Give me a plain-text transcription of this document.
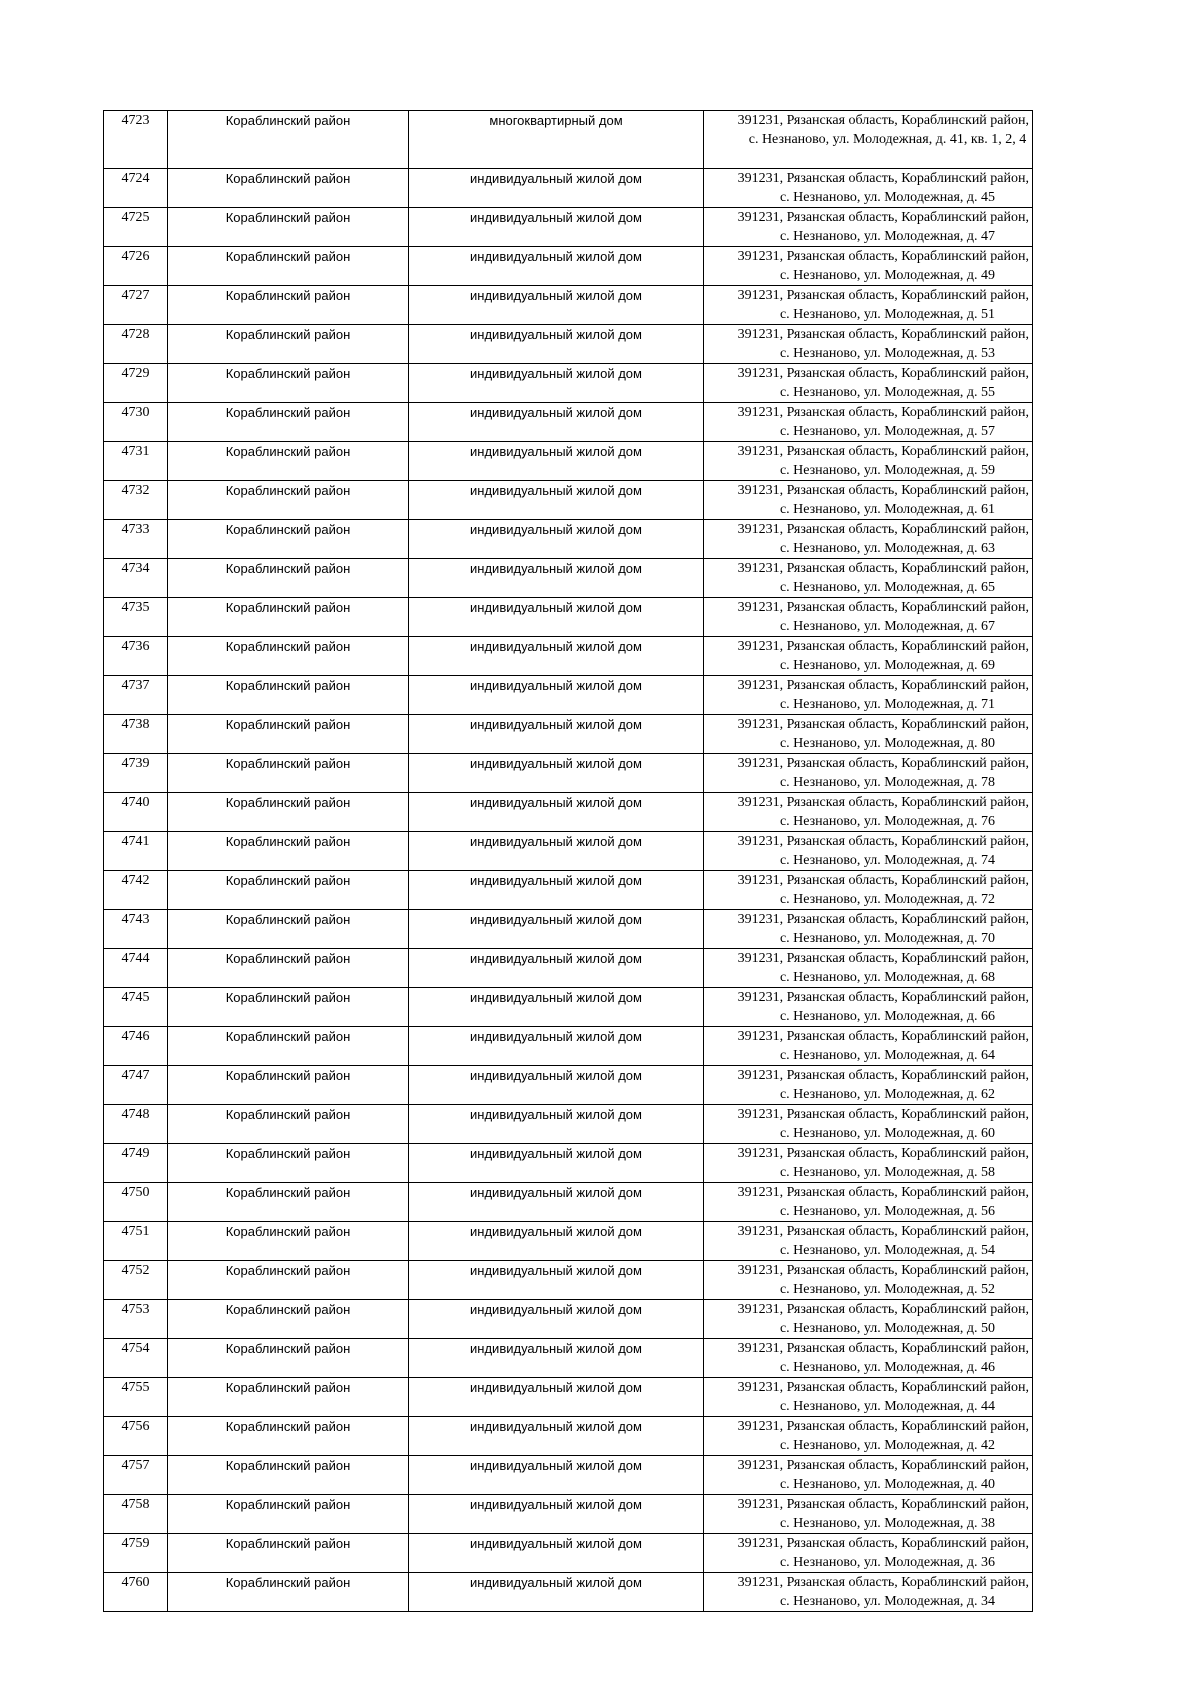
4723	Кораблинский район	многоквартирный дом	391231, Рязанская область, Кораблинский район,
с. Незнаново, ул. Молодежная, д. 41, кв. 1, 2, 4

4724	Кораблинский район	индивидуальный жилой дом	391231, Рязанская область, Кораблинский район,
с. Незнаново, ул. Молодежная, д. 45

4725	Кораблинский район	индивидуальный жилой дом	391231, Рязанская область, Кораблинский район,
с. Незнаново, ул. Молодежная, д. 47

4726	Кораблинский район	индивидуальный жилой дом	391231, Рязанская область, Кораблинский район,
с. Незнаново, ул. Молодежная, д. 49

4727	Кораблинский район	индивидуальный жилой дом	391231, Рязанская область, Кораблинский район,
с. Незнаново, ул. Молодежная, д. 51

4728	Кораблинский район	индивидуальный жилой дом	391231, Рязанская область, Кораблинский район,
с. Незнаново, ул. Молодежная, д. 53

4729	Кораблинский район	индивидуальный жилой дом	391231, Рязанская область, Кораблинский район,
с. Незнаново, ул. Молодежная, д. 55

4730	Кораблинский район	индивидуальный жилой дом	391231, Рязанская область, Кораблинский район,
с. Незнаново, ул. Молодежная, д. 57

4731	Кораблинский район	индивидуальный жилой дом	391231, Рязанская область, Кораблинский район,
с. Незнаново, ул. Молодежная, д. 59

4732	Кораблинский район	индивидуальный жилой дом	391231, Рязанская область, Кораблинский район,
с. Незнаново, ул. Молодежная, д. 61

4733	Кораблинский район	индивидуальный жилой дом	391231, Рязанская область, Кораблинский район,
с. Незнаново, ул. Молодежная, д. 63

4734	Кораблинский район	индивидуальный жилой дом	391231, Рязанская область, Кораблинский район,
с. Незнаново, ул. Молодежная, д. 65

4735	Кораблинский район	индивидуальный жилой дом	391231, Рязанская область, Кораблинский район,
с. Незнаново, ул. Молодежная, д. 67

4736	Кораблинский район	индивидуальный жилой дом	391231, Рязанская область, Кораблинский район,
с. Незнаново, ул. Молодежная, д. 69

4737	Кораблинский район	индивидуальный жилой дом	391231, Рязанская область, Кораблинский район,
с. Незнаново, ул. Молодежная, д. 71

4738	Кораблинский район	индивидуальный жилой дом	391231, Рязанская область, Кораблинский район,
с. Незнаново, ул. Молодежная, д. 80

4739	Кораблинский район	индивидуальный жилой дом	391231, Рязанская область, Кораблинский район,
с. Незнаново, ул. Молодежная, д. 78

4740	Кораблинский район	индивидуальный жилой дом	391231, Рязанская область, Кораблинский район,
с. Незнаново, ул. Молодежная, д. 76

4741	Кораблинский район	индивидуальный жилой дом	391231, Рязанская область, Кораблинский район,
с. Незнаново, ул. Молодежная, д. 74

4742	Кораблинский район	индивидуальный жилой дом	391231, Рязанская область, Кораблинский район,
с. Незнаново, ул. Молодежная, д. 72

4743	Кораблинский район	индивидуальный жилой дом	391231, Рязанская область, Кораблинский район,
с. Незнаново, ул. Молодежная, д. 70

4744	Кораблинский район	индивидуальный жилой дом	391231, Рязанская область, Кораблинский район,
с. Незнаново, ул. Молодежная, д. 68

4745	Кораблинский район	индивидуальный жилой дом	391231, Рязанская область, Кораблинский район,
с. Незнаново, ул. Молодежная, д. 66

4746	Кораблинский район	индивидуальный жилой дом	391231, Рязанская область, Кораблинский район,
с. Незнаново, ул. Молодежная, д. 64

4747	Кораблинский район	индивидуальный жилой дом	391231, Рязанская область, Кораблинский район,
с. Незнаново, ул. Молодежная, д. 62

4748	Кораблинский район	индивидуальный жилой дом	391231, Рязанская область, Кораблинский район,
с. Незнаново, ул. Молодежная, д. 60

4749	Кораблинский район	индивидуальный жилой дом	391231, Рязанская область, Кораблинский район,
с. Незнаново, ул. Молодежная, д. 58

4750	Кораблинский район	индивидуальный жилой дом	391231, Рязанская область, Кораблинский район,
с. Незнаново, ул. Молодежная, д. 56

4751	Кораблинский район	индивидуальный жилой дом	391231, Рязанская область, Кораблинский район,
с. Незнаново, ул. Молодежная, д. 54

4752	Кораблинский район	индивидуальный жилой дом	391231, Рязанская область, Кораблинский район,
с. Незнаново, ул. Молодежная, д. 52

4753	Кораблинский район	индивидуальный жилой дом	391231, Рязанская область, Кораблинский район,
с. Незнаново, ул. Молодежная, д. 50

4754	Кораблинский район	индивидуальный жилой дом	391231, Рязанская область, Кораблинский район,
с. Незнаново, ул. Молодежная, д. 46

4755	Кораблинский район	индивидуальный жилой дом	391231, Рязанская область, Кораблинский район,
с. Незнаново, ул. Молодежная, д. 44

4756	Кораблинский район	индивидуальный жилой дом	391231, Рязанская область, Кораблинский район,
с. Незнаново, ул. Молодежная, д. 42

4757	Кораблинский район	индивидуальный жилой дом	391231, Рязанская область, Кораблинский район,
с. Незнаново, ул. Молодежная, д. 40

4758	Кораблинский район	индивидуальный жилой дом	391231, Рязанская область, Кораблинский район,
с. Незнаново, ул. Молодежная, д. 38

4759	Кораблинский район	индивидуальный жилой дом	391231, Рязанская область, Кораблинский район,
с. Незнаново, ул. Молодежная, д. 36

4760	Кораблинский район	индивидуальный жилой дом	391231, Рязанская область, Кораблинский район,
с. Незнаново, ул. Молодежная, д. 34
